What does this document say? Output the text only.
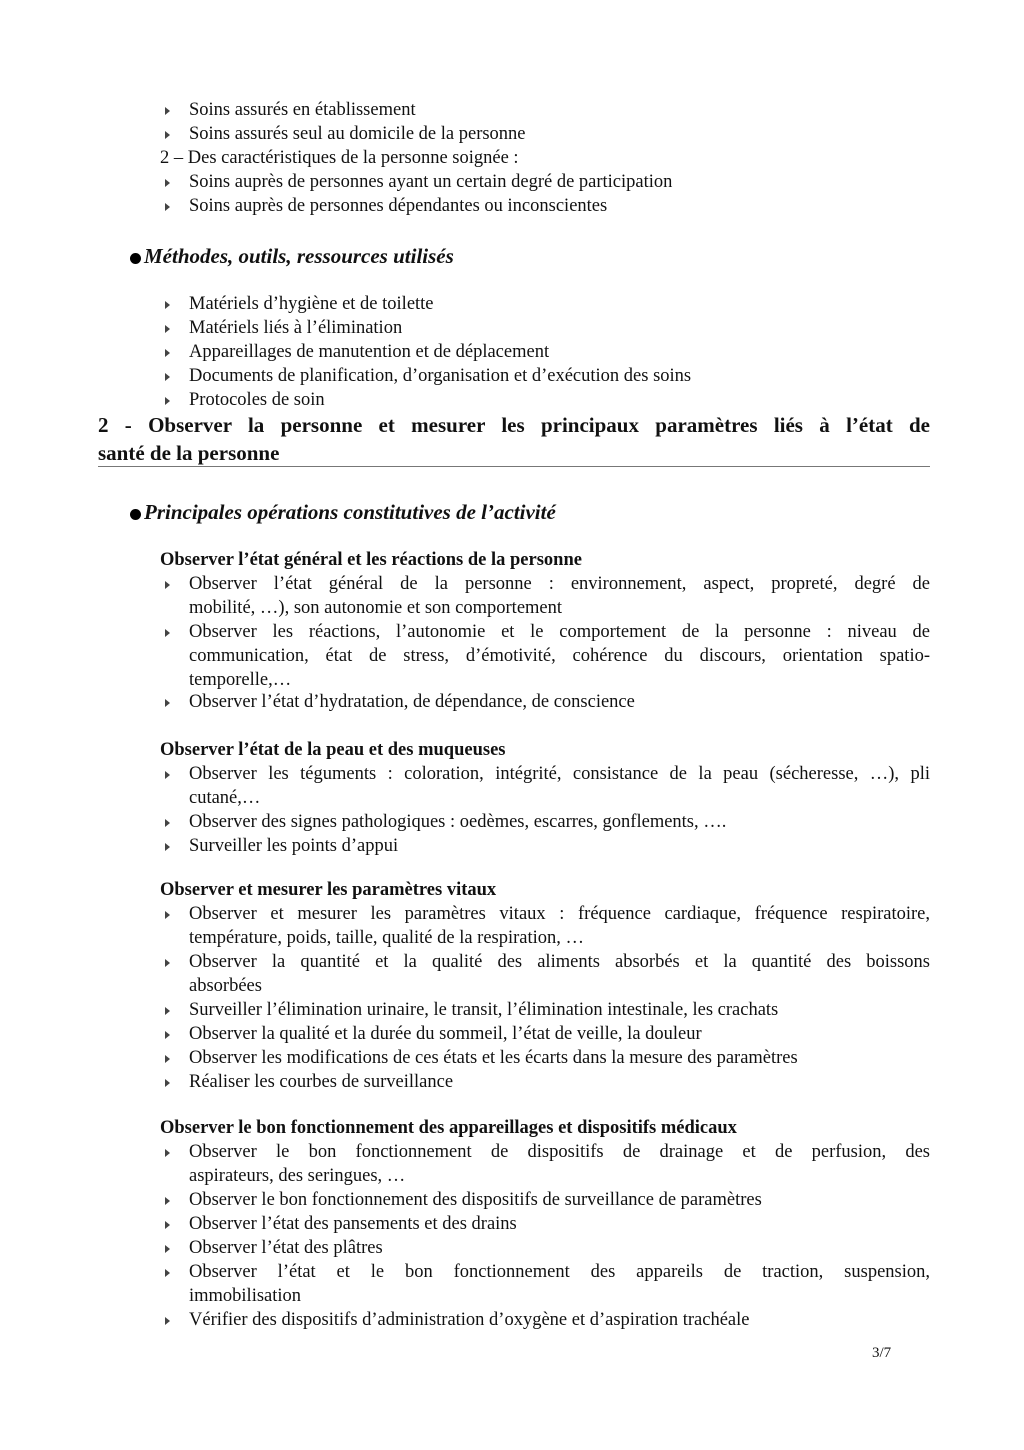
Soins assurés en établissement
Soins assurés seul au domicile de la personne
2 – Des caractéristiques de la personne soignée :
Soins auprès de personnes ayant un certain degré de participation
Soins auprès de personnes dépendantes ou inconscientes
Méthodes, outils, ressources utilisés
Matériels d’hygiène et de toilette
Matériels liés à l’élimination
Appareillages de manutention et de déplacement
Documents de planification, d’organisation et d’exécution des soins
Protocoles de soin
2 - Observer la personne et mesurer les principaux paramètres liés à l’état de
santé de la personne
Principales opérations constitutives de l’activité
Observer l’état général et les réactions de la personne
Observer l’état général de la personne : environnement, aspect, propreté, degré de
mobilité, …), son autonomie et son comportement
Observer les réactions, l’autonomie et le comportement de la personne : niveau de
communication, état de stress, d’émotivité, cohérence du discours, orientation spatio-
temporelle,…
Observer l’état d’hydratation, de dépendance, de conscience
Observer l’état de la peau et des muqueuses
Observer les téguments : coloration, intégrité, consistance de la peau (sécheresse, …), pli
cutané,…
Observer des signes pathologiques : oedèmes, escarres, gonflements, ….
Surveiller les points d’appui
Observer et mesurer les paramètres vitaux
Observer et mesurer les paramètres vitaux : fréquence cardiaque, fréquence respiratoire,
température, poids, taille, qualité de la respiration, …
Observer la quantité et la qualité des aliments absorbés et la quantité des boissons
absorbées
Surveiller l’élimination urinaire, le transit, l’élimination intestinale, les crachats
Observer la qualité et la durée du sommeil, l’état de veille, la douleur
Observer les modifications de ces états et les écarts dans la mesure des paramètres
Réaliser les courbes de surveillance
Observer le bon fonctionnement des appareillages et dispositifs médicaux
Observer le bon fonctionnement de dispositifs de drainage et de perfusion, des
aspirateurs, des seringues, …
Observer le bon fonctionnement des dispositifs de surveillance de paramètres
Observer l’état des pansements et des drains
Observer l’état des plâtres
Observer l’état et le bon fonctionnement des appareils de traction, suspension,
immobilisation
Vérifier des dispositifs d’administration d’oxygène et d’aspiration trachéale
3/7
